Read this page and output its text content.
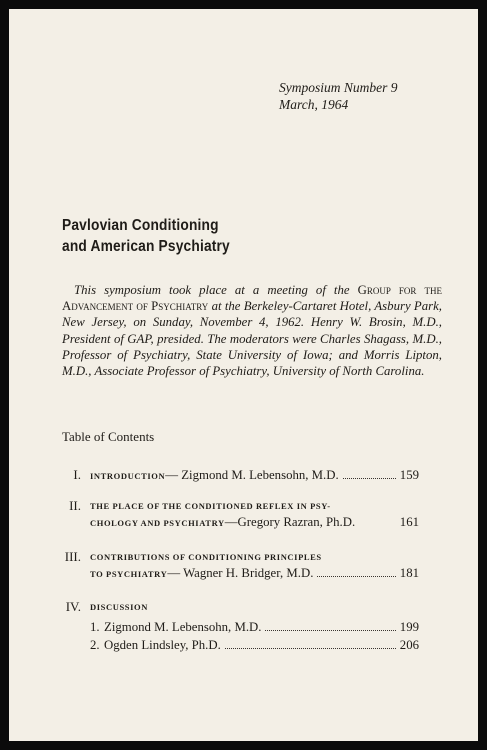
Symposium Number 9
March, 1964
Pavlovian Conditioning
and American Psychiatry
This symposium took place at a meeting of the Group for the Advancement of Psychiatry at the Berkeley-Cartaret Hotel, Asbury Park, New Jersey, on Sunday, November 4, 1962. Henry W. Brosin, M.D., President of GAP, presided. The moderators were Charles Shagass, M.D., Professor of Psychiatry, State University of Iowa; and Morris Lipton, M.D., Associate Professor of Psychiatry, University of North Carolina.
Table of Contents
I. INTRODUCTION — Zigmond M. Lebensohn, M.D.	159
II. THE PLACE OF THE CONDITIONED REFLEX IN PSY-
CHOLOGY AND PSYCHIATRY —Gregory Razran, Ph.D.	161
III. CONTRIBUTIONS OF CONDITIONING PRINCIPLES
TO PSYCHIATRY — Wagner H. Bridger, M.D.	181
IV. DISCUSSION
1. Zigmond M. Lebensohn, M.D.	199
2. Ogden Lindsley, Ph.D.	206
